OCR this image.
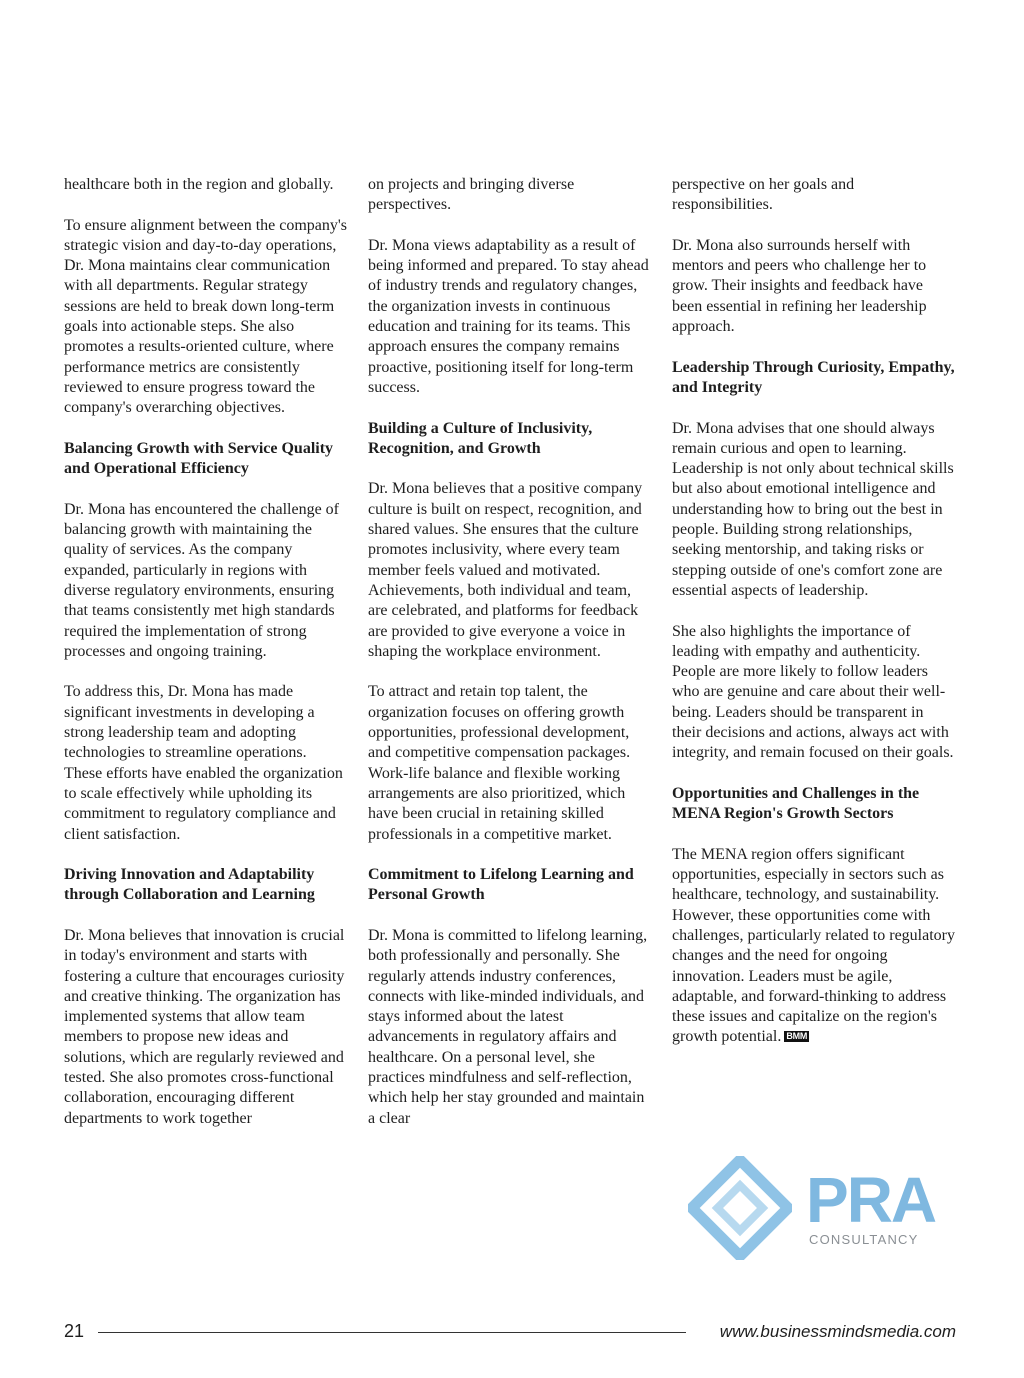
healthcare both in the region and globally.

To ensure alignment between the company's strategic vision and day-to-day operations, Dr. Mona maintains clear communication with all departments. Regular strategy sessions are held to break down long-term goals into actionable steps. She also promotes a results-oriented culture, where performance metrics are consistently reviewed to ensure progress toward the company's overarching objectives.

Balancing Growth with Service Quality and Operational Efficiency

Dr. Mona has encountered the challenge of balancing growth with maintaining the quality of services. As the company expanded, particularly in regions with diverse regulatory environments, ensuring that teams consistently met high standards required the implementation of strong processes and ongoing training.

To address this, Dr. Mona has made significant investments in developing a strong leadership team and adopting technologies to streamline operations. These efforts have enabled the organization to scale effectively while upholding its commitment to regulatory compliance and client satisfaction.

Driving Innovation and Adaptability through Collaboration and Learning

Dr. Mona believes that innovation is crucial in today's environment and starts with fostering a culture that encourages curiosity and creative thinking. The organization has implemented systems that allow team members to propose new ideas and solutions, which are regularly reviewed and tested. She also promotes cross-functional collaboration, encouraging different departments to work together

on projects and bringing diverse perspectives.

Dr. Mona views adaptability as a result of being informed and prepared. To stay ahead of industry trends and regulatory changes, the organization invests in continuous education and training for its teams. This approach ensures the company remains proactive, positioning itself for long-term success.

Building a Culture of Inclusivity, Recognition, and Growth

Dr. Mona believes that a positive company culture is built on respect, recognition, and shared values. She ensures that the culture promotes inclusivity, where every team member feels valued and motivated. Achievements, both individual and team, are celebrated, and platforms for feedback are provided to give everyone a voice in shaping the workplace environment.

To attract and retain top talent, the organization focuses on offering growth opportunities, professional development, and competitive compensation packages. Work-life balance and flexible working arrangements are also prioritized, which have been crucial in retaining skilled professionals in a competitive market.

Commitment to Lifelong Learning and Personal Growth

Dr. Mona is committed to lifelong learning, both professionally and personally. She regularly attends industry conferences, connects with like-minded individuals, and stays informed about the latest advancements in regulatory affairs and healthcare. On a personal level, she practices mindfulness and self-reflection, which help her stay grounded and maintain a clear

perspective on her goals and responsibilities.

Dr. Mona also surrounds herself with mentors and peers who challenge her to grow. Their insights and feedback have been essential in refining her leadership approach.

Leadership Through Curiosity, Empathy, and Integrity

Dr. Mona advises that one should always remain curious and open to learning. Leadership is not only about technical skills but also about emotional intelligence and understanding how to bring out the best in people. Building strong relationships, seeking mentorship, and taking risks or stepping outside of one's comfort zone are essential aspects of leadership.

She also highlights the importance of leading with empathy and authenticity. People are more likely to follow leaders who are genuine and care about their well-being. Leaders should be transparent in their decisions and actions, always act with integrity, and remain focused on their goals.

Opportunities and Challenges in the MENA Region's Growth Sectors

The MENA region offers significant opportunities, especially in sectors such as healthcare, technology, and sustainability. However, these opportunities come with challenges, particularly related to regulatory changes and the need for ongoing innovation. Leaders must be agile, adaptable, and forward-thinking to address these issues and capitalize on the region's growth potential. BMM

PRA
CONSULTANCY
21	www.businessmindsmedia.com
